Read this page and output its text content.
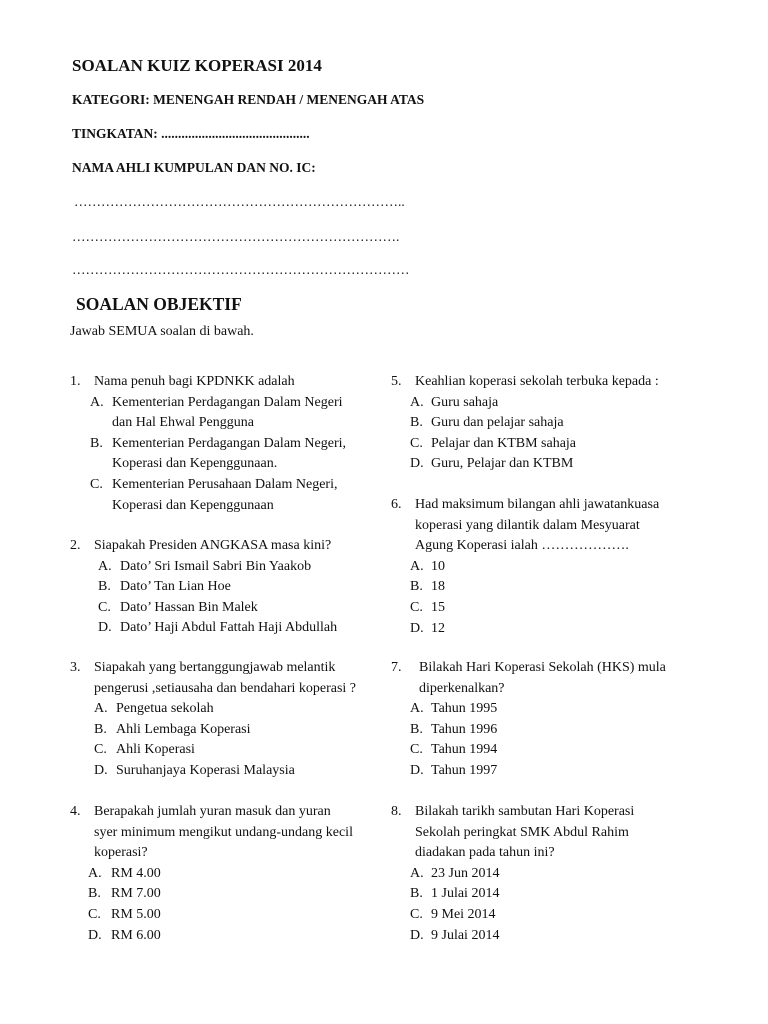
SOALAN KUIZ KOPERASI 2014
KATEGORI: MENENGAH RENDAH / MENENGAH ATAS
TINGKATAN: ............................................
NAMA AHLI KUMPULAN DAN NO. IC:
………………………………………………………………..
……………………………………………………………….
…………………………………………………………………
SOALAN OBJEKTIF
Jawab SEMUA soalan di bawah.
1. Nama penuh bagi KPDNKK adalah
A. Kementerian Perdagangan Dalam Negeri
dan Hal Ehwal Pengguna
B. Kementerian Perdagangan Dalam Negeri,
Koperasi dan Kepenggunaan.
C. Kementerian Perusahaan Dalam Negeri,
Koperasi dan Kepenggunaan
2. Siapakah Presiden ANGKASA masa kini?
A. Dato’ Sri Ismail Sabri Bin Yaakob
B. Dato’ Tan Lian Hoe
C. Dato’ Hassan Bin Malek
D. Dato’ Haji Abdul Fattah Haji Abdullah
3. Siapakah yang bertanggungjawab melantik
pengerusi ,setiausaha dan bendahari koperasi ?
A. Pengetua sekolah
B. Ahli Lembaga Koperasi
C. Ahli Koperasi
D. Suruhanjaya Koperasi Malaysia
4. Berapakah jumlah yuran masuk dan yuran
syer minimum mengikut undang-undang kecil
koperasi?
A. RM 4.00
B. RM 7.00
C. RM 5.00
D. RM 6.00
5. Keahlian koperasi sekolah terbuka kepada :
A. Guru sahaja
B. Guru dan pelajar sahaja
C. Pelajar dan KTBM sahaja
D. Guru, Pelajar dan KTBM
6. Had maksimum bilangan ahli jawatankuasa
koperasi yang dilantik dalam Mesyuarat
Agung Koperasi ialah ……………….
A. 10
B. 18
C. 15
D. 12
7. Bilakah Hari Koperasi Sekolah (HKS) mula
diperkenalkan?
A. Tahun 1995
B. Tahun 1996
C. Tahun 1994
D. Tahun 1997
8. Bilakah tarikh sambutan Hari Koperasi
Sekolah peringkat SMK Abdul Rahim
diadakan pada tahun ini?
A. 23 Jun 2014
B. 1 Julai 2014
C. 9 Mei 2014
D. 9 Julai 2014
